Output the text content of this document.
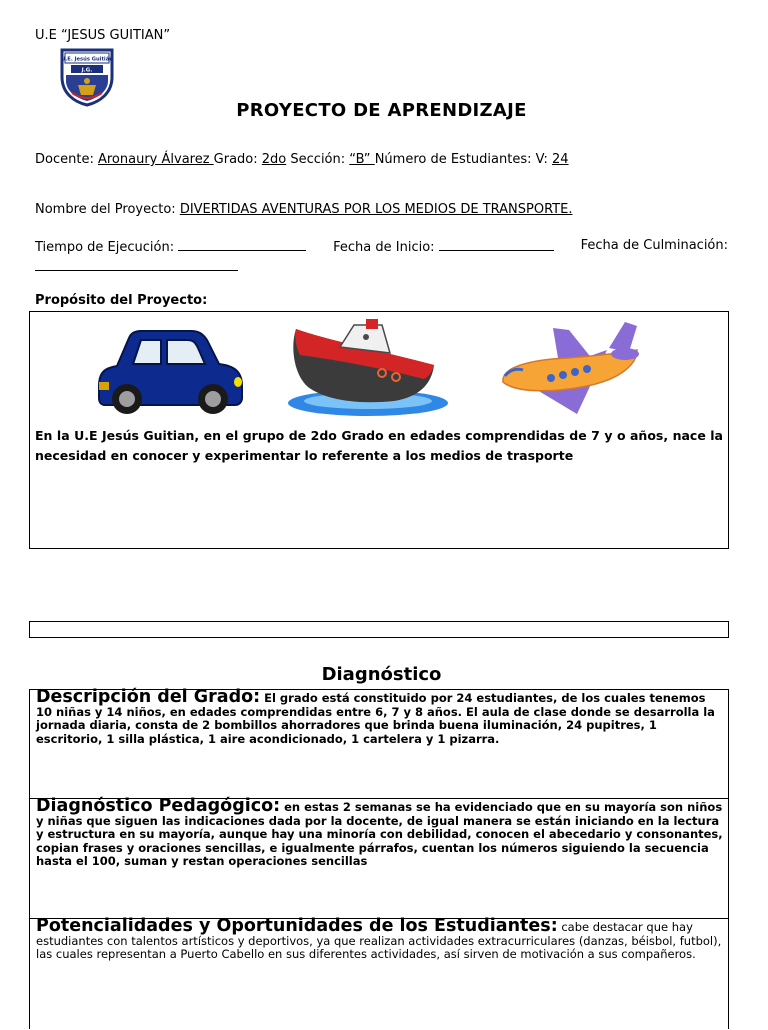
U.E “JESUS GUITIAN”
U.E. Jesús Guitián
J.G.
PROYECTO DE APRENDIZAJE
Docente: Aronaury Álvarez Grado: 2do Sección: “B” Número de Estudiantes: V: 24
Nombre del Proyecto: DIVERTIDAS AVENTURAS POR LOS MEDIOS DE TRANSPORTE.
Tiempo de Ejecución:	Fecha de Inicio:	Fecha de Culminación:
Propósito del Proyecto:
En la U.E Jesús Guitian, en el grupo de 2do Grado en edades comprendidas de 7 y o años, nace la necesidad en conocer y experimentar lo referente a los medios de trasporte
Diagnóstico

Descripción del Grado: El grado está constituido por 24 estudiantes, de los cuales tenemos 10 niñas y 14 niños, en edades comprendidas entre 6, 7 y 8 años. El aula de clase donde se desarrolla la jornada diaria, consta de 2 bombillos ahorradores que brinda buena iluminación, 24 pupitres, 1 escritorio, 1 silla plástica, 1 aire acondicionado, 1 cartelera y 1 pizarra.

Diagnóstico Pedagógico: en estas 2 semanas se ha evidenciado que en su mayoría son niños y niñas que siguen las indicaciones dada por la docente, de igual manera se están iniciando en la lectura y estructura en su mayoría, aunque hay una minoría con debilidad, conocen el abecedario y consonantes, copian frases y oraciones sencillas, e igualmente párrafos, cuentan los números siguiendo la secuencia hasta el 100, suman y restan operaciones sencillas

Potencialidades y Oportunidades de los Estudiantes: cabe destacar que hay estudiantes con talentos artísticos y deportivos, ya que realizan actividades extracurriculares (danzas, béisbol, futbol), las cuales representan a Puerto Cabello en sus diferentes actividades, así sirven de motivación a sus compañeros.
